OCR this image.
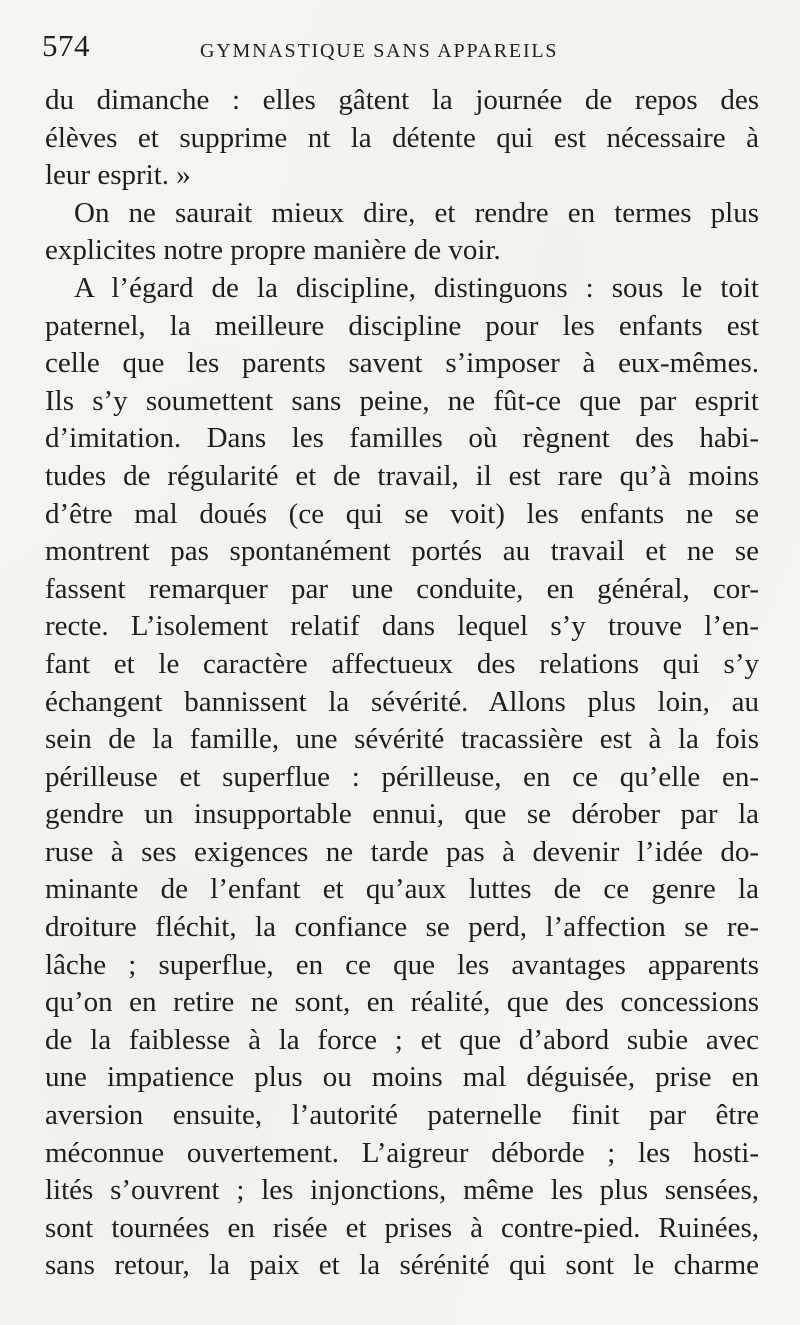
574	GYMNASTIQUE SANS APPAREILS
du dimanche : elles gâtent la journée de repos des
élèves et supprime nt la détente qui est nécessaire à
leur esprit. »
On ne saurait mieux dire, et rendre en termes plus
explicites notre propre manière de voir.
A l’égard de la discipline, distinguons : sous le toit
paternel, la meilleure discipline pour les enfants est
celle que les parents savent s’imposer à eux-mêmes.
Ils s’y soumettent sans peine, ne fût-ce que par esprit
d’imitation. Dans les familles où règnent des habi-
tudes de régularité et de travail, il est rare qu’à moins
d’être mal doués (ce qui se voit) les enfants ne se
montrent pas spontanément portés au travail et ne se
fassent remarquer par une conduite, en général, cor-
recte. L’isolement relatif dans lequel s’y trouve l’en-
fant et le caractère affectueux des relations qui s’y
échangent bannissent la sévérité. Allons plus loin, au
sein de la famille, une sévérité tracassière est à la fois
périlleuse et superflue : périlleuse, en ce qu’elle en-
gendre un insupportable ennui, que se dérober par la
ruse à ses exigences ne tarde pas à devenir l’idée do-
minante de l’enfant et qu’aux luttes de ce genre la
droiture fléchit, la confiance se perd, l’affection se re-
lâche ; superflue, en ce que les avantages apparents
qu’on en retire ne sont, en réalité, que des concessions
de la faiblesse à la force ; et que d’abord subie avec
une impatience plus ou moins mal déguisée, prise en
aversion ensuite, l’autorité paternelle finit par être
méconnue ouvertement. L’aigreur déborde ; les hosti-
lités s’ouvrent ; les injonctions, même les plus sensées,
sont tournées en risée et prises à contre-pied. Ruinées,
sans retour, la paix et la sérénité qui sont le charme
